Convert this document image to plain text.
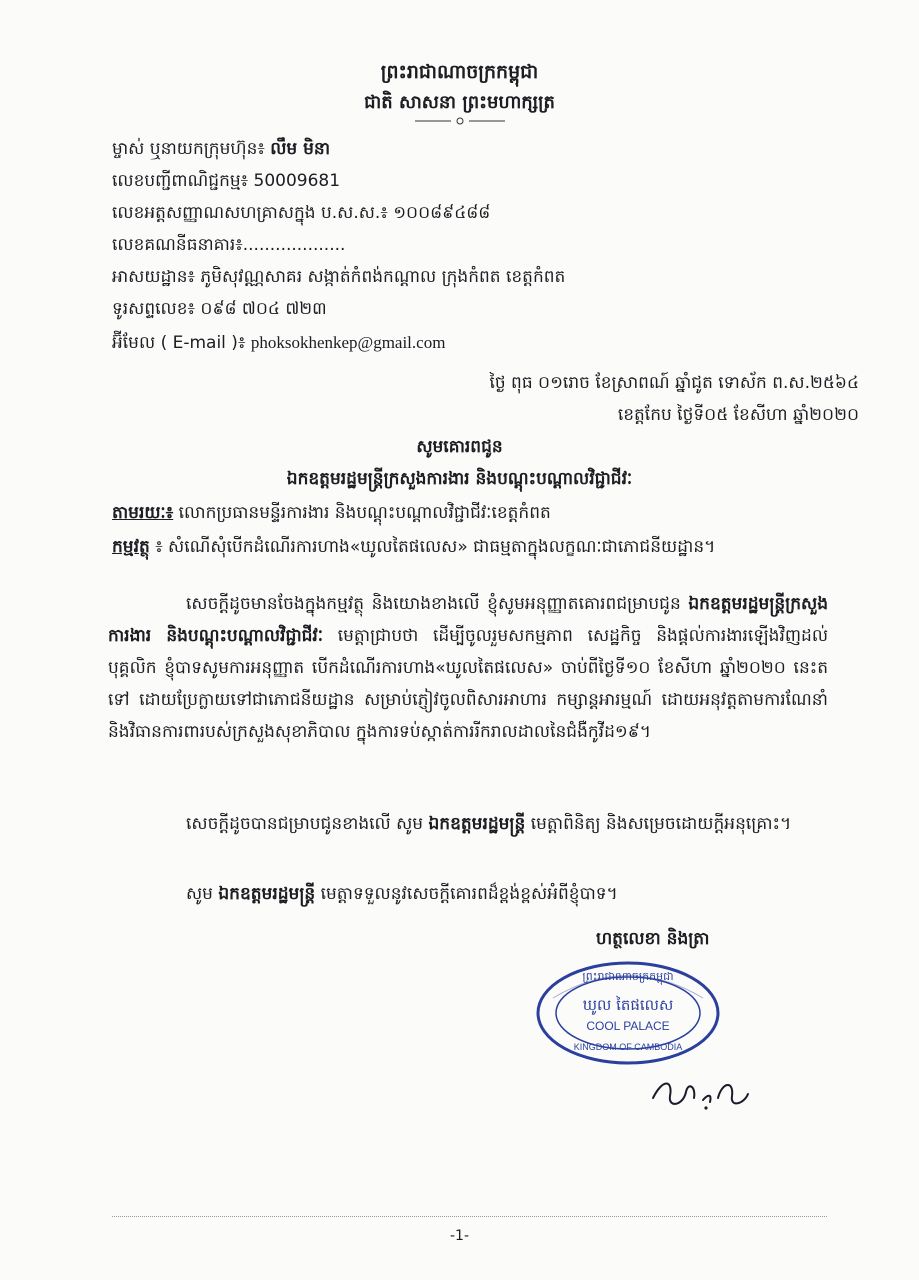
ព្រះរាជាណាចក្រកម្ពុជា
ជាតិ សាសនា ព្រះមហាក្សត្រ
ម្ចាស់ ឬនាយកក្រុមហ៊ុន៖ លឹម មិនា
លេខបញ្ជីពាណិជ្ជកម្ម៖ 50009681
លេខអត្តសញ្ញាណសហគ្រាសក្នុង ប.ស.ស.៖ ១០០៨៩៤៨៨
លេខគណនីធនាគារ៖...................
អាសយដ្ឋាន៖ ភូមិសុវណ្ណសាគរ សង្កាត់កំពង់កណ្តាល ក្រុងកំពត ខេត្តកំពត
ទូរសព្ទលេខ៖ ០៩៨ ៧០៤ ៧២៣
អ៊ីមែល ( E-mail )៖ phoksokhenkep@gmail.com
ថ្ងៃ ពុធ ០១រោច ខែស្រាពណ៍ ឆ្នាំជូត ទោស័ក ព.ស.២៥៦៤
ខេត្តកែប ថ្ងៃទី០៥ ខែសីហា ឆ្នាំ២០២០
សូមគោរពជូន
ឯកឧត្តមរដ្ឋមន្ត្រីក្រសួងការងារ និងបណ្តុះបណ្តាលវិជ្ជាជីវៈ
តាមរយៈ៖ លោកប្រធានមន្ទីរការងារ និងបណ្តុះបណ្តាលវិជ្ជាជីវៈខេត្តកំពត
កម្មវត្ថុ ៖ សំណើសុំបើកដំណើរការហាង«ឃូលតៃផលេស» ជាធម្មតាក្នុងលក្ខណៈជាភោជនីយដ្ឋាន។
សេចក្តីដូចមានចែងក្នុងកម្មវត្ថុ និងយោងខាងលើ ខ្ញុំសូមអនុញ្ញាតគោរពជម្រាបជូន ឯកឧត្តមរដ្ឋមន្ត្រីក្រសួងការងារ និងបណ្តុះបណ្តាលវិជ្ជាជីវៈ មេត្តាជ្រាបថា ដើម្បីចូលរួមសកម្មភាព សេដ្ឋកិច្ច និងផ្តល់ការងារឡើងវិញដល់បុគ្គលិក ខ្ញុំបាទសូមការអនុញ្ញាត បើកដំណើរការហាង«ឃូលតៃផលេស» ចាប់ពីថ្ងៃទី១០ ខែសីហា ឆ្នាំ២០២០ នេះតទៅ ដោយប្រែក្លាយទៅជាភោជនីយដ្ឋាន សម្រាប់ភ្ញៀវចូលពិសារអាហារ កម្សាន្តអារម្មណ៍ ដោយអនុវត្តតាមការណែនាំ និងវិធានការពារបស់ក្រសួងសុខាភិបាល ក្នុងការទប់ស្កាត់ការរីករាលដាលនៃជំងឺកូវីដ១៩។
សេចក្តីដូចបានជម្រាបជូនខាងលើ សូម ឯកឧត្តមរដ្ឋមន្ត្រី មេត្តាពិនិត្យ និងសម្រេចដោយក្តីអនុគ្រោះ។
សូម ឯកឧត្តមរដ្ឋមន្ត្រី មេត្តាទទួលនូវសេចក្តីគោរពដ៏ខ្ពង់ខ្ពស់អំពីខ្ញុំបាទ។
ហត្ថលេខា និងត្រា
ព្រះរាជាណាចក្រកម្ពុជា
ឃូល តៃផលេស
COOL PALACE
KINGDOM OF CAMBODIA
-1-
